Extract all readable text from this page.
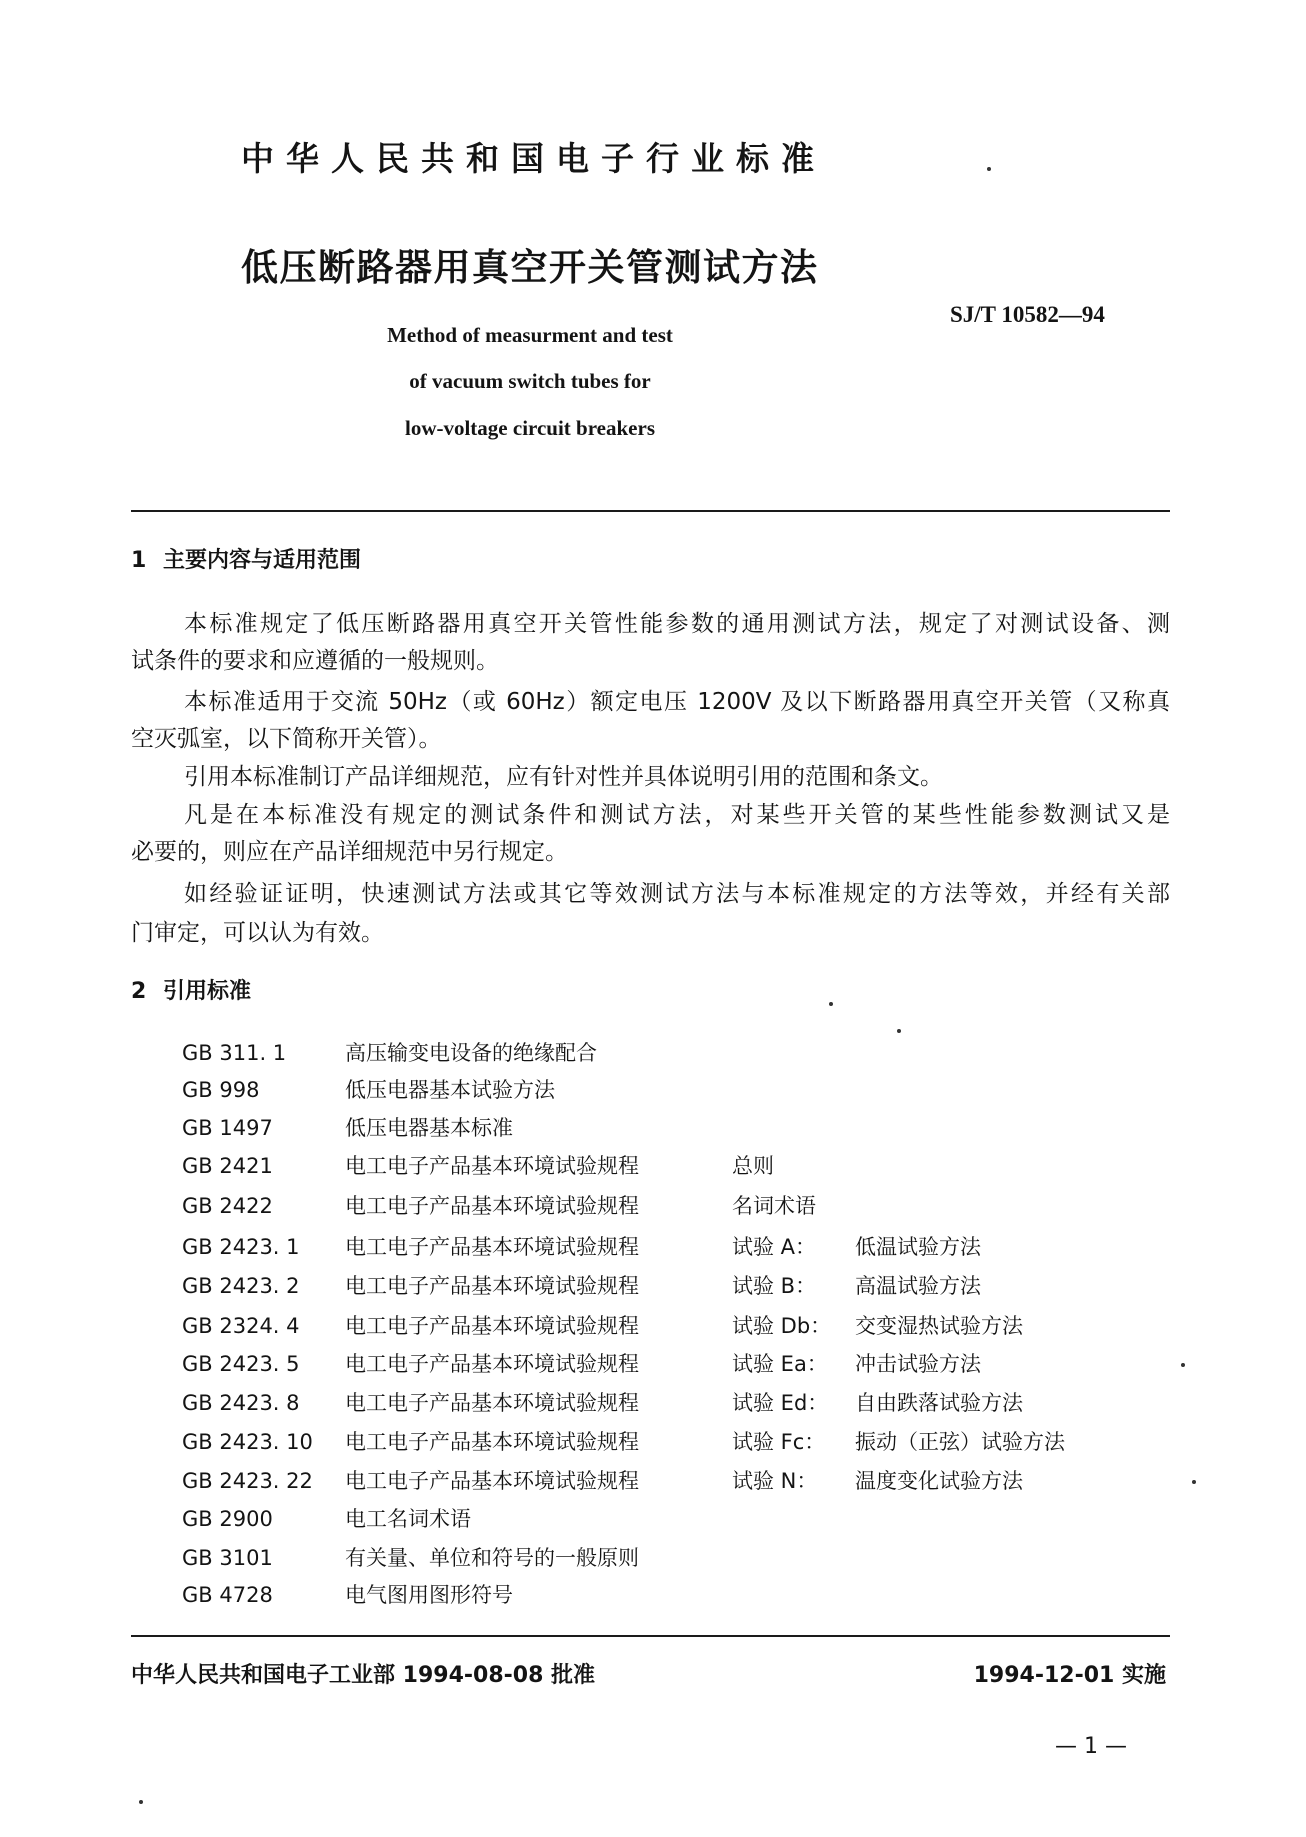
中华人民共和国电子行业标准
低压断路器用真空开关管测试方法
SJ/T 10582—94
Method of measurment and test
of vacuum switch tubes for
low-voltage circuit breakers
1 主要内容与适用范围
本标准规定了低压断路器用真空开关管性能参数的通用测试方法，规定了对测试设备、测
试条件的要求和应遵循的一般规则。
本标准适用于交流 50Hz（或 60Hz）额定电压 1200V 及以下断路器用真空开关管（又称真
空灭弧室，以下简称开关管）。
引用本标准制订产品详细规范，应有针对性并具体说明引用的范围和条文。
凡是在本标准没有规定的测试条件和测试方法，对某些开关管的某些性能参数测试又是
必要的，则应在产品详细规范中另行规定。
如经验证证明，快速测试方法或其它等效测试方法与本标准规定的方法等效，并经有关部
门审定，可以认为有效。
2 引用标准
GB 311. 1	高压输变电设备的绝缘配合
GB 998	低压电器基本试验方法
GB 1497	低压电器基本标准
GB 2421	电工电子产品基本环境试验规程	总则
GB 2422	电工电子产品基本环境试验规程	名词术语
GB 2423. 1 电工电子产品基本环境试验规程	试验 A： 低温试验方法
GB 2423. 2 电工电子产品基本环境试验规程	试验 B： 高温试验方法
GB 2324. 4 电工电子产品基本环境试验规程	试验 Db： 交变湿热试验方法
GB 2423. 5 电工电子产品基本环境试验规程	试验 Ea： 冲击试验方法
GB 2423. 8 电工电子产品基本环境试验规程	试验 Ed： 自由跌落试验方法
GB 2423. 10 电工电子产品基本环境试验规程	试验 Fc： 振动（正弦）试验方法
GB 2423. 22 电工电子产品基本环境试验规程	试验 N： 温度变化试验方法
GB 2900	电工名词术语
GB 3101	有关量、单位和符号的一般原则
GB 4728	电气图用图形符号
中华人民共和国电子工业部 1994-08-08 批准	1994-12-01 实施
— 1 —
